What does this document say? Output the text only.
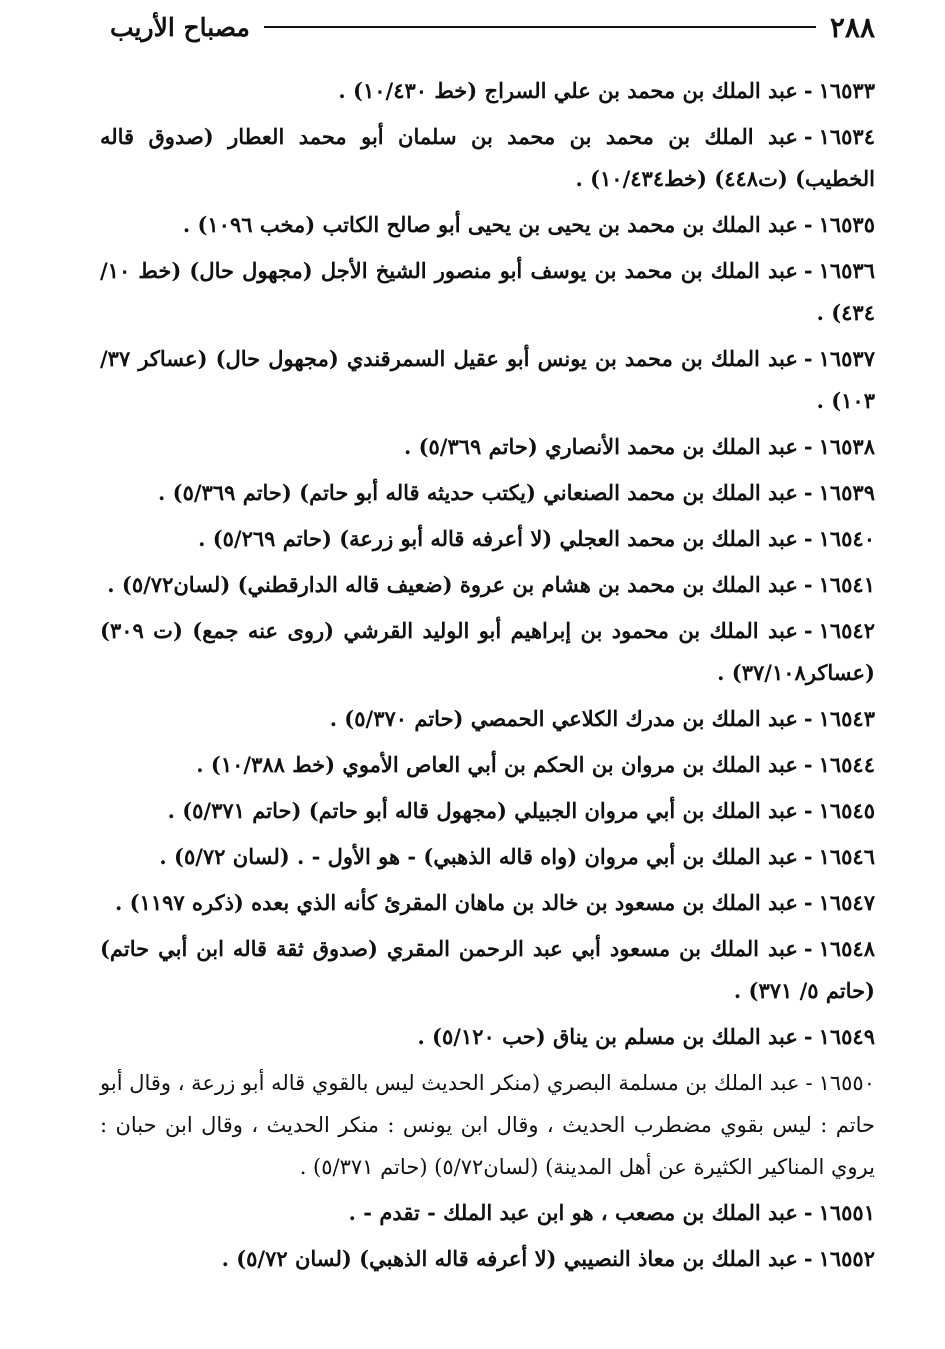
٢٨٨
مصباح الأريب

١٦٥٣٣-عبد الملك بن محمد بن علي السراج (خط ١٠/٤٣٠) .

١٦٥٣٤-عبد الملك بن محمد بن محمد بن سلمان أبو محمد العطار (صدوق قاله الخطيب) (ت٤٤٨) (خط١٠/٤٣٤) .

١٦٥٣٥-عبد الملك بن محمد بن يحيى بن يحيى أبو صالح الكاتب (مخب ١٠٩٦) .

١٦٥٣٦-عبد الملك بن محمد بن يوسف أبو منصور الشيخ الأجل (مجهول حال) (خط ١٠/ ٤٣٤) .

١٦٥٣٧-عبد الملك بن محمد بن يونس أبو عقيل السمرقندي (مجهول حال) (عساكر ٣٧/ ١٠٣) .

١٦٥٣٨-عبد الملك بن محمد الأنصاري (حاتم ٥/٣٦٩) .

١٦٥٣٩-عبد الملك بن محمد الصنعاني (يكتب حديثه قاله أبو حاتم) (حاتم ٥/٣٦٩) .

١٦٥٤٠-عبد الملك بن محمد العجلي (لا أعرفه قاله أبو زرعة) (حاتم ٥/٢٦٩) .

١٦٥٤١-عبد الملك بن محمد بن هشام بن عروة (ضعيف قاله الدارقطني) (لسان٥/٧٢) .

١٦٥٤٢-عبد الملك بن محمود بن إبراهيم أبو الوليد القرشي (روى عنه جمع) (ت ٣٠٩) (عساكر٣٧/١٠٨) .

١٦٥٤٣-عبد الملك بن مدرك الكلاعي الحمصي (حاتم ٥/٣٧٠) .

١٦٥٤٤-عبد الملك بن مروان بن الحكم بن أبي العاص الأموي (خط ١٠/٣٨٨) .

١٦٥٤٥-عبد الملك بن أبي مروان الجبيلي (مجهول قاله أبو حاتم) (حاتم ٥/٣٧١) .

١٦٥٤٦-عبد الملك بن أبي مروان (واه قاله الذهبي) - هو الأول - . (لسان ٥/٧٢) .

١٦٥٤٧-عبد الملك بن مسعود بن خالد بن ماهان المقرئ كأنه الذي بعده (ذكره ١١٩٧) .

١٦٥٤٨-عبد الملك بن مسعود أبي عبد الرحمن المقري (صدوق ثقة قاله ابن أبي حاتم) (حاتم ٥/ ٣٧١) .

١٦٥٤٩-عبد الملك بن مسلم بن يناق (حب ٥/١٢٠) .

١٦٥٥٠-عبد الملك بن مسلمة البصري (منكر الحديث ليس بالقوي قاله أبو زرعة ، وقال أبو حاتم : ليس بقوي مضطرب الحديث ، وقال ابن يونس : منكر الحديث ، وقال ابن حبان : يروي المناكير الكثيرة عن أهل المدينة) (لسان٥/٧٢) (حاتم ٥/٣٧١) .

١٦٥٥١-عبد الملك بن مصعب ، هو ابن عبد الملك - تقدم - .

١٦٥٥٢-عبد الملك بن معاذ النصيبي (لا أعرفه قاله الذهبي) (لسان ٥/٧٢) .
